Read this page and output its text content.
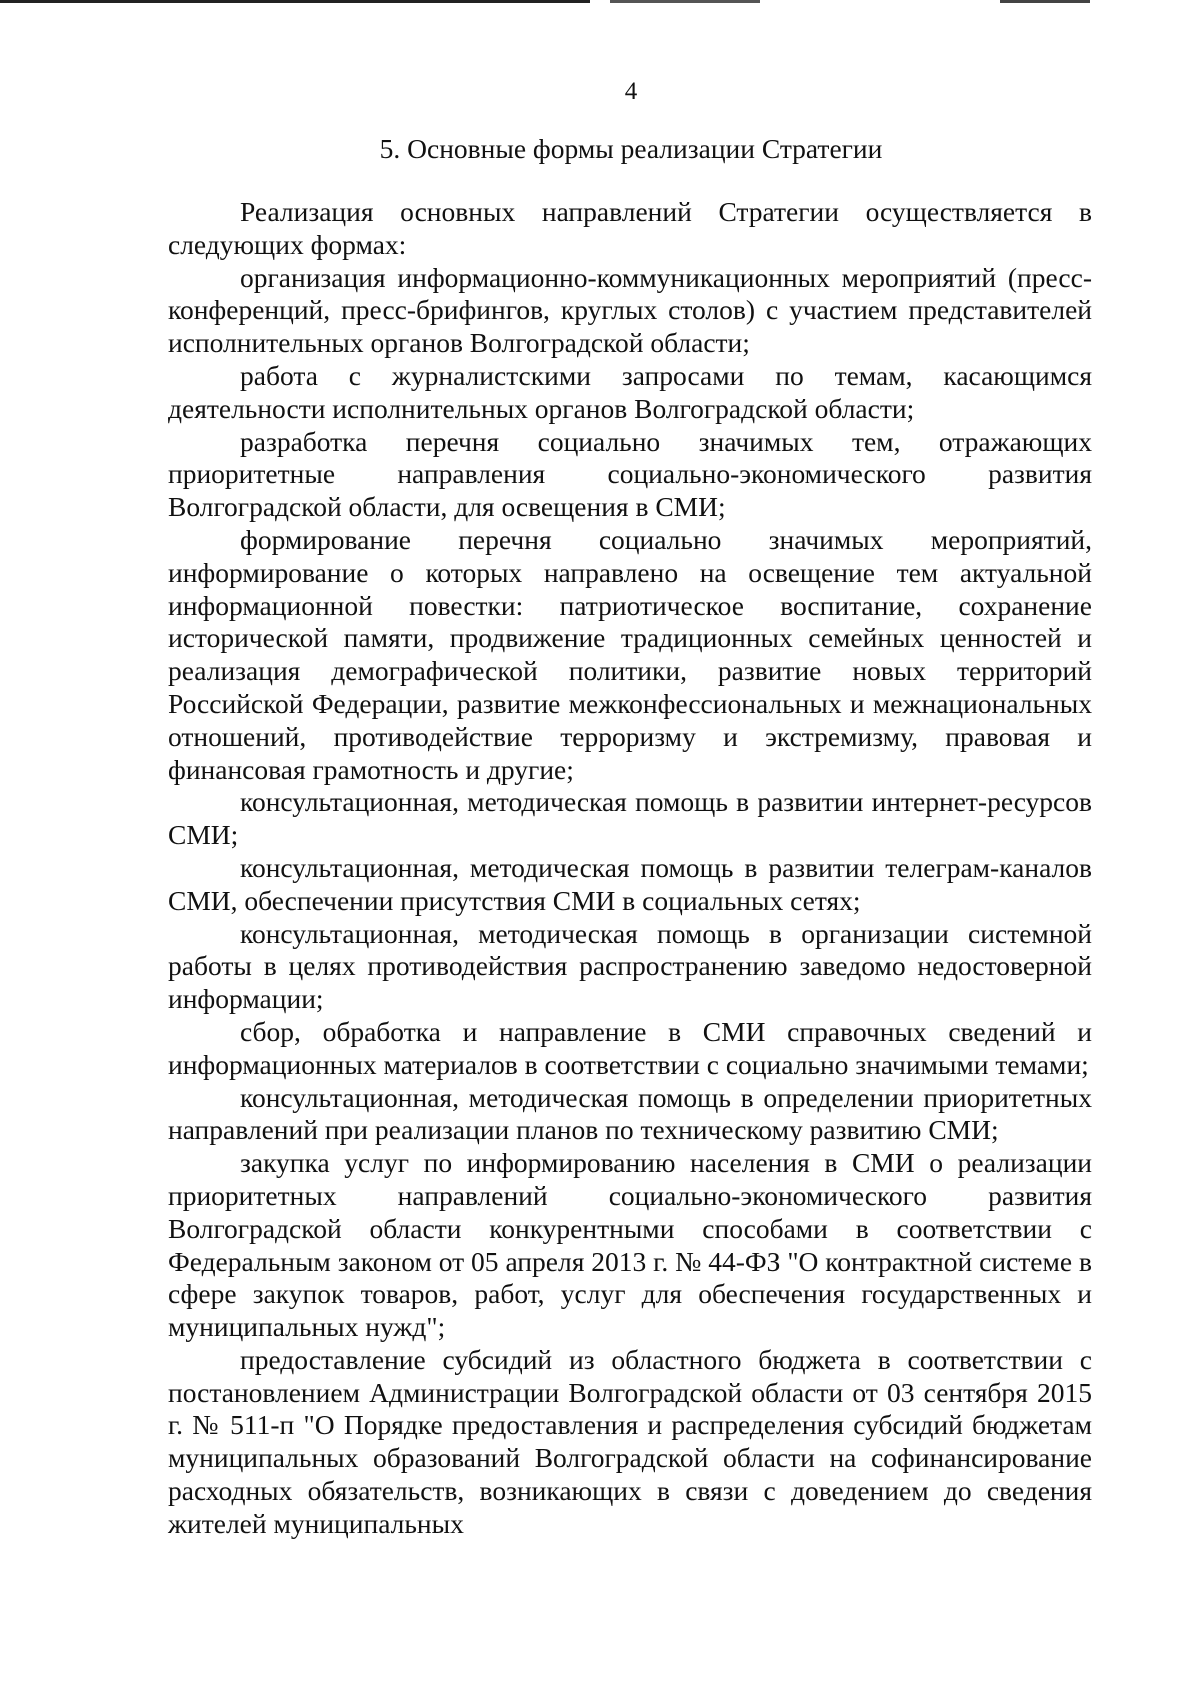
4
5. Основные формы реализации Стратегии

Реализация основных направлений Стратегии осуществляется в следующих формах:

организация информационно-коммуникационных мероприятий (пресс-конференций, пресс-брифингов, круглых столов) с участием представителей исполнительных органов Волгоградской области;

работа с журналистскими запросами по темам, касающимся деятельности исполнительных органов Волгоградской области;

разработка перечня социально значимых тем, отражающих приоритетные направления социально-экономического развития Волгоградской области, для освещения в СМИ;

формирование перечня социально значимых мероприятий, информирование о которых направлено на освещение тем актуальной информационной повестки: патриотическое воспитание, сохранение исторической памяти, продвижение традиционных семейных ценностей и реализация демографической политики, развитие новых территорий Российской Федерации, развитие межконфессиональных и межнациональных отношений, противодействие терроризму и экстремизму, правовая и финансовая грамотность и другие;

консультационная, методическая помощь в развитии интернет-ресурсов СМИ;

консультационная, методическая помощь в развитии телеграм-каналов СМИ, обеспечении присутствия СМИ в социальных сетях;

консультационная, методическая помощь в организации системной работы в целях противодействия распространению заведомо недостоверной информации;

сбор, обработка и направление в СМИ справочных сведений и информационных материалов в соответствии с социально значимыми темами;

консультационная, методическая помощь в определении приоритетных направлений при реализации планов по техническому развитию СМИ;

закупка услуг по информированию населения в СМИ о реализации приоритетных направлений социально-экономического развития Волгоградской области конкурентными способами в соответствии с Федеральным законом от 05 апреля 2013 г. № 44-ФЗ "О контрактной системе в сфере закупок товаров, работ, услуг для обеспечения государственных и муниципальных нужд";

предоставление субсидий из областного бюджета в соответствии с постановлением Администрации Волгоградской области от 03 сентября 2015 г. № 511-п "О Порядке предоставления и распределения субсидий бюджетам муниципальных образований Волгоградской области на софинансирование расходных обязательств, возникающих в связи с доведением до сведения жителей муниципальных
